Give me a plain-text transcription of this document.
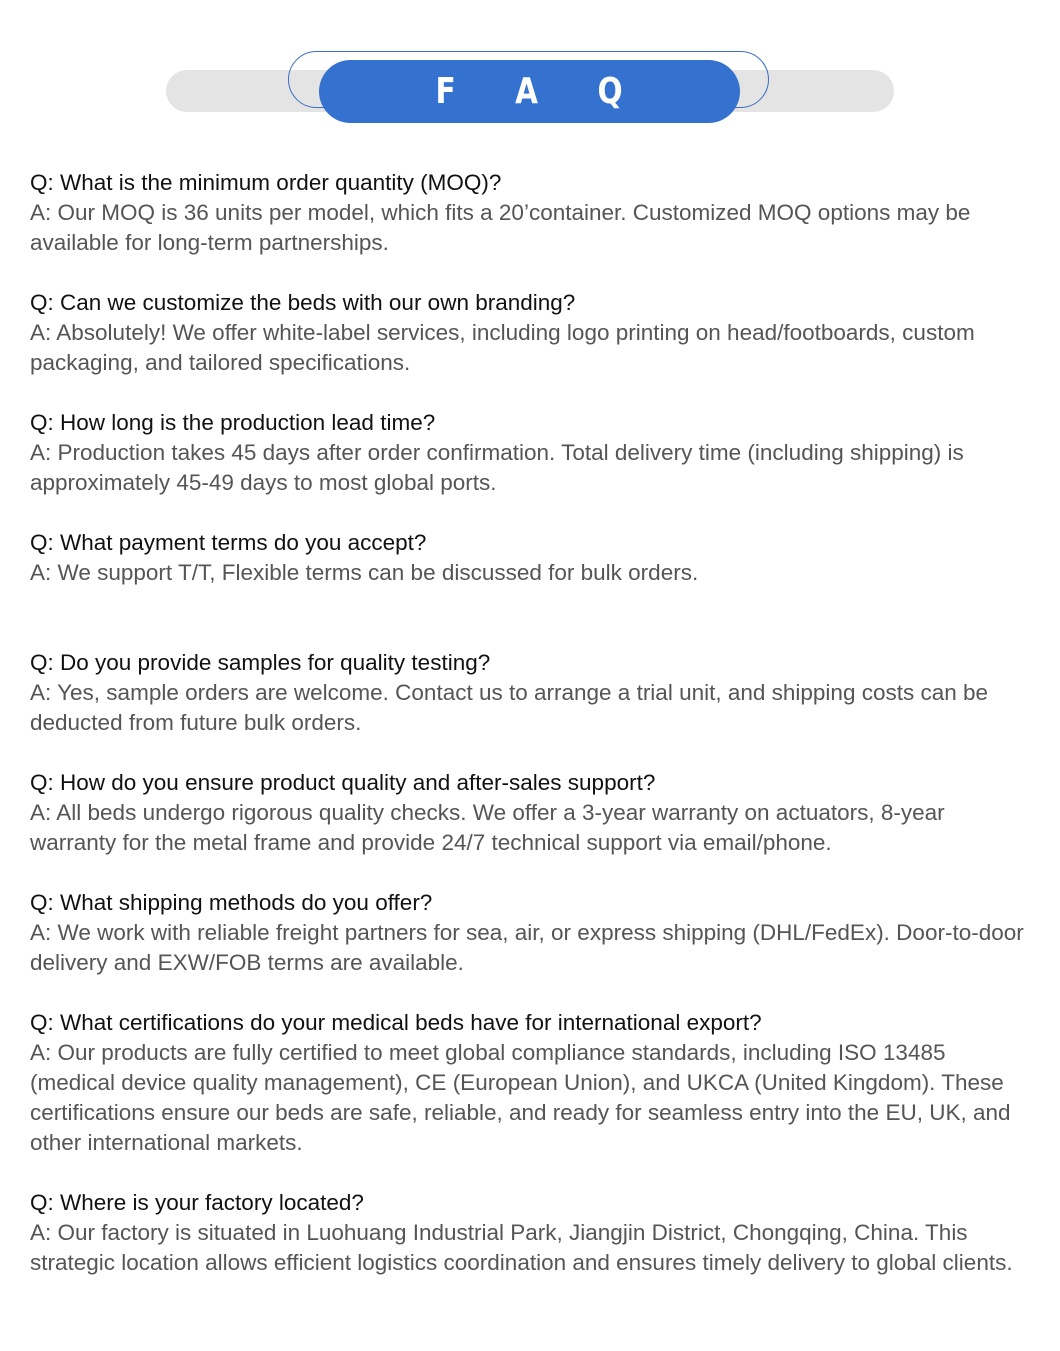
F A Q

Q: What is the minimum order quantity (MOQ)?

A: Our MOQ is 36 units per model, which fits a 20’container. Customized MOQ options may be available for long-term partnerships.

Q: Can we customize the beds with our own branding?

A: Absolutely! We offer white-label services, including logo printing on head/footboards, custom packaging, and tailored specifications.

Q: How long is the production lead time?

A: Production takes 45 days after order confirmation. Total delivery time (including shipping) is approximately 45-49 days to most global ports.

Q: What payment terms do you accept?

A: We support T/T, Flexible terms can be discussed for bulk orders.

Q: Do you provide samples for quality testing?

A: Yes, sample orders are welcome. Contact us to arrange a trial unit, and shipping costs can be deducted from future bulk orders.

Q: How do you ensure product quality and after-sales support?

A: All beds undergo rigorous quality checks. We offer a 3-year warranty on actuators, 8-year warranty for the metal frame and provide 24/7 technical support via email/phone.

Q: What shipping methods do you offer?

A: We work with reliable freight partners for sea, air, or express shipping (DHL/FedEx). Door-to-door delivery and EXW/FOB terms are available.

Q: What certifications do your medical beds have for international export?

A: Our products are fully certified to meet global compliance standards, including ISO 13485 (medical device quality management), CE (European Union), and UKCA (United Kingdom). These certifications ensure our beds are safe, reliable, and ready for seamless entry into the EU, UK, and other international markets.

Q: Where is your factory located?

A: Our factory is situated in Luohuang Industrial Park, Jiangjin District, Chongqing, China. This strategic location allows efficient logistics coordination and ensures timely delivery to global clients.
